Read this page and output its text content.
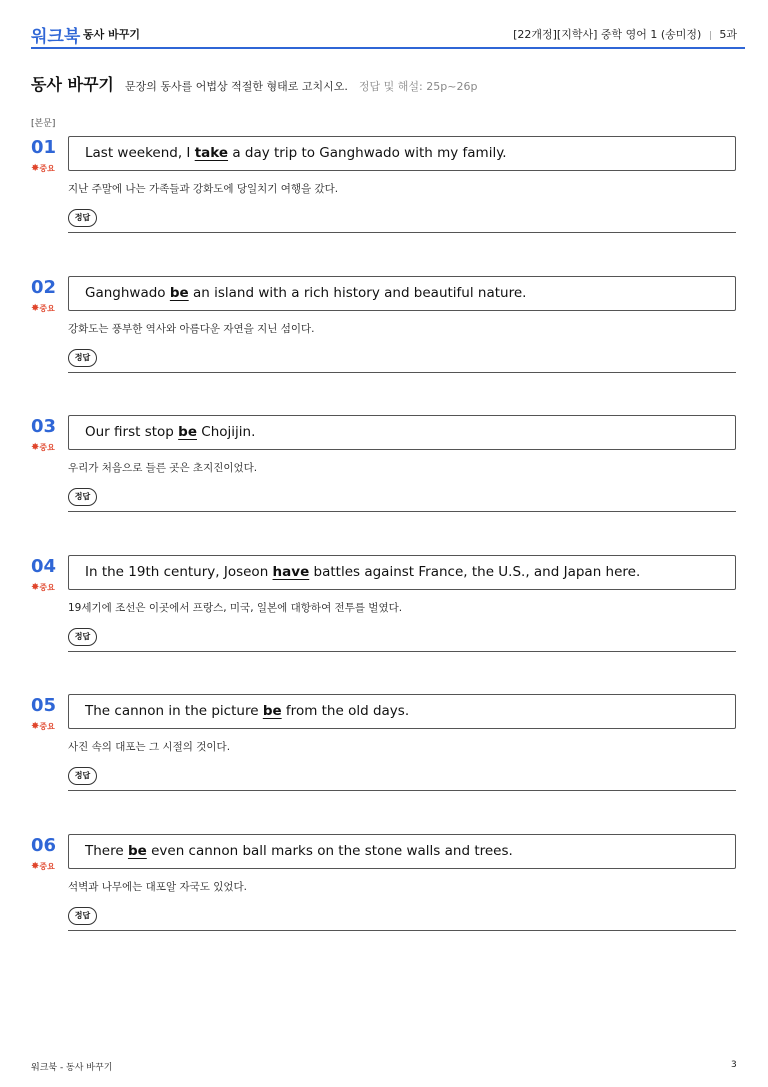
워크북 동사 바꾸기	[22개정][지학사] 중학 영어 1 (송미정) | 5과
동사 바꾸기 문장의 동사를 어법상 적절한 형태로 고치시오. 정답 및 해설: 25p~26p
[본문]
01
✸중요
Last weekend, I take a day trip to Ganghwado with my family.
지난 주말에 나는 가족들과 강화도에 당일치기 여행을 갔다.
정답
02
✸중요
Ganghwado be an island with a rich history and beautiful nature.
강화도는 풍부한 역사와 아름다운 자연을 지닌 섬이다.
정답
03
✸중요
Our first stop be Chojijin.
우리가 처음으로 들른 곳은 초지진이었다.
정답
04
✸중요
In the 19th century, Joseon have battles against France, the U.S., and Japan here.
19세기에 조선은 이곳에서 프랑스, 미국, 일본에 대항하여 전투를 벌였다.
정답
05
✸중요
The cannon in the picture be from the old days.
사진 속의 대포는 그 시절의 것이다.
정답
06
✸중요
There be even cannon ball marks on the stone walls and trees.
석벽과 나무에는 대포알 자국도 있었다.
정답
워크북 - 동사 바꾸기	3
